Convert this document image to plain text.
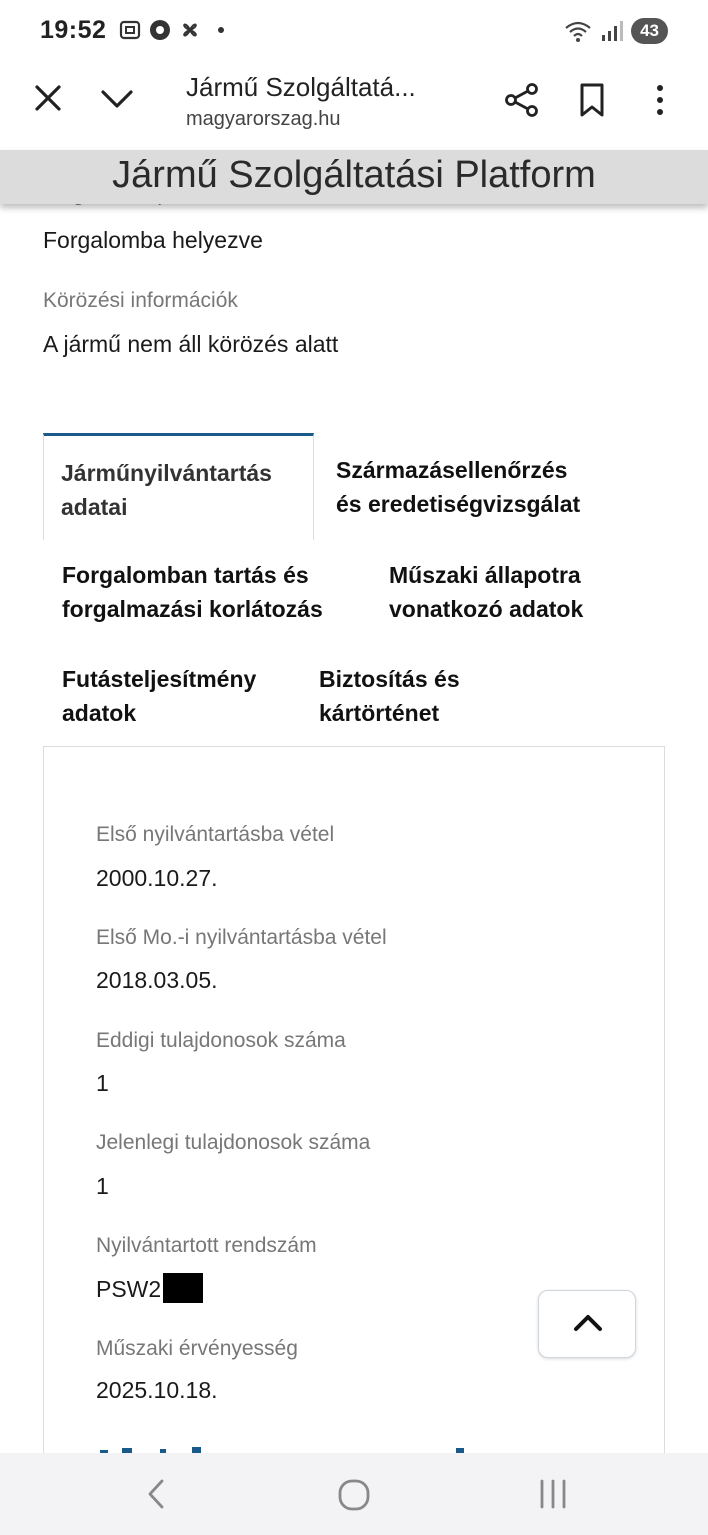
19:52	43
Jármű Szolgáltatá...
magyarorszag.hu
Jármű Szolgáltatási Platform
Forgalomba helyezve
Körözési információk
A jármű nem áll körözés alatt
Járműnyilvántartás
adatai
Származásellenőrzés
és eredetiségvizsgálat
Forgalomban tartás és
forgalmazási korlátozás
Műszaki állapotra
vonatkozó adatok
Futásteljesítmény
adatok
Biztosítás és
kártörténet
Első nyilvántartásba vétel
2000.10.27.
Első Mo.-i nyilvántartásba vétel
2018.03.05.
Eddigi tulajdonosok száma
1
Jelenlegi tulajdonosok száma
1
Nyilvántartott rendszám
PSW2
Műszaki érvényesség
2025.10.18.
